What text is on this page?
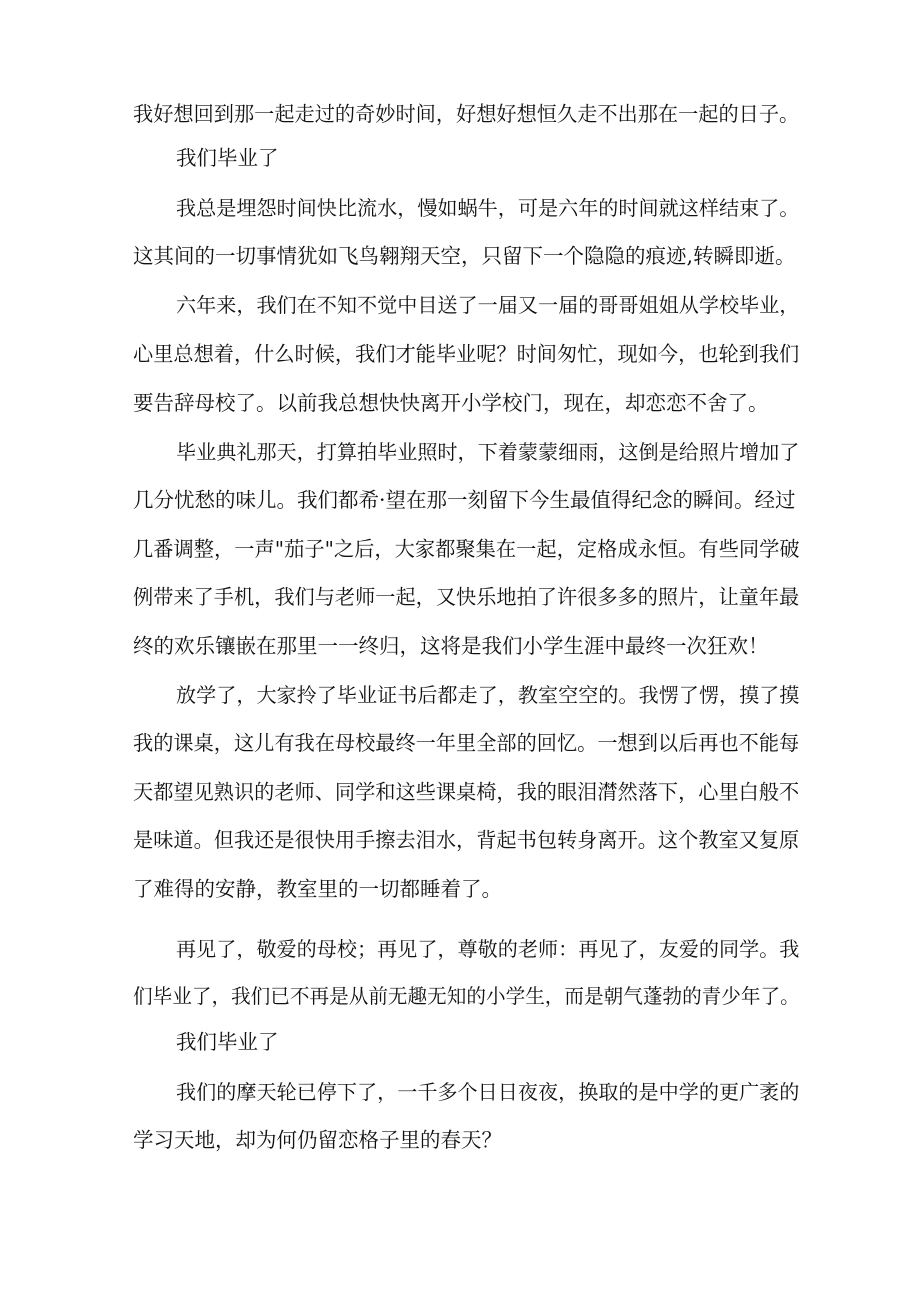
我好想回到那一起走过的奇妙时间，好想好想恒久走不出那在一起的日子。

我们毕业了

我总是埋怨时间快比流水，慢如蜗牛，可是六年的时间就这样结束了。

这其间的一切事情犹如飞鸟翱翔天空，只留下一个隐隐的痕迹,转瞬即逝。

六年来，我们在不知不觉中目送了一届又一届的哥哥姐姐从学校毕业，

心里总想着，什么时候，我们才能毕业呢？时间匆忙，现如今，也轮到我们

要告辞母校了。以前我总想快快离开小学校门，现在，却恋恋不舍了。

毕业典礼那天，打算拍毕业照时，下着蒙蒙细雨，这倒是给照片增加了

几分忧愁的味儿。我们都希·望在那一刻留下今生最值得纪念的瞬间。经过

几番调整，一声"茄子"之后，大家都聚集在一起，定格成永恒。有些同学破

例带来了手机，我们与老师一起，又快乐地拍了许很多多的照片，让童年最

终的欢乐镶嵌在那里一一终归，这将是我们小学生涯中最终一次狂欢！

放学了，大家拎了毕业证书后都走了，教室空空的。我愣了愣，摸了摸

我的课桌，这儿有我在母校最终一年里全部的回忆。一想到以后再也不能每

天都望见熟识的老师、同学和这些课桌椅，我的眼泪潸然落下，心里白般不

是味道。但我还是很快用手擦去泪水，背起书包转身离开。这个教室又复原

了难得的安静，教室里的一切都睡着了。

再见了，敬爱的母校；再见了，尊敬的老师：再见了，友爱的同学。我

们毕业了，我们已不再是从前无趣无知的小学生，而是朝气蓬勃的青少年了。

我们毕业了

我们的摩天轮已停下了，一千多个日日夜夜，换取的是中学的更广袤的

学习天地，却为何仍留恋格子里的春天？
